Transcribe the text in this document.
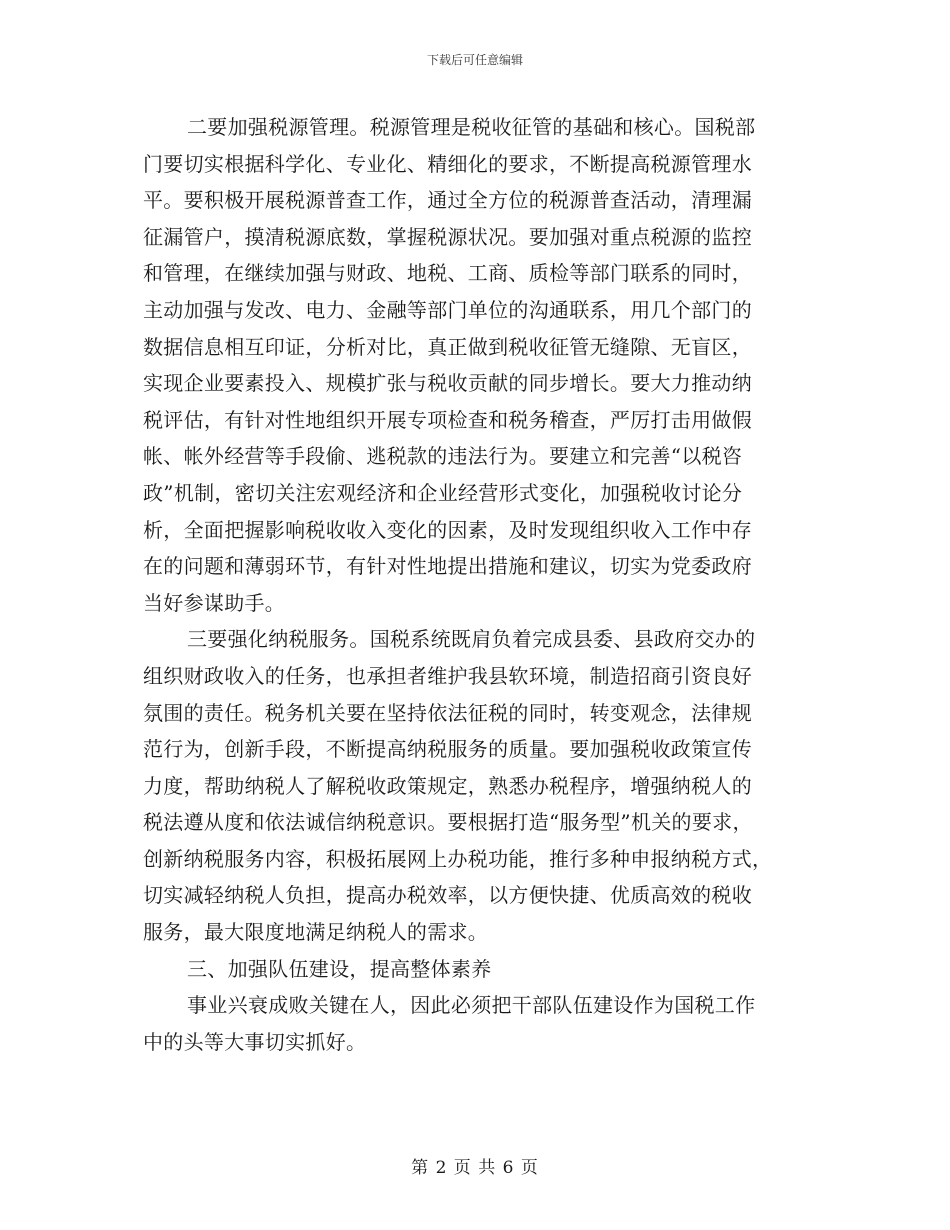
下载后可任意编辑

二要加强税源管理。税源管理是税收征管的基础和核心。国税部
门要切实根据科学化、专业化、精细化的要求，不断提高税源管理水
平。要积极开展税源普查工作，通过全方位的税源普查活动，清理漏
征漏管户，摸清税源底数，掌握税源状况。要加强对重点税源的监控
和管理，在继续加强与财政、地税、工商、质检等部门联系的同时，
主动加强与发改、电力、金融等部门单位的沟通联系，用几个部门的
数据信息相互印证，分析对比，真正做到税收征管无缝隙、无盲区，
实现企业要素投入、规模扩张与税收贡献的同步增长。要大力推动纳
税评估，有针对性地组织开展专项检查和税务稽查，严厉打击用做假
帐、帐外经营等手段偷、逃税款的违法行为。要建立和完善“以税咨
政”机制，密切关注宏观经济和企业经营形式变化，加强税收讨论分
析，全面把握影响税收收入变化的因素，及时发现组织收入工作中存
在的问题和薄弱环节，有针对性地提出措施和建议，切实为党委政府
当好参谋助手。

三要强化纳税服务。国税系统既肩负着完成县委、县政府交办的
组织财政收入的任务，也承担者维护我县软环境，制造招商引资良好
氛围的责任。税务机关要在坚持依法征税的同时，转变观念，法律规
范行为，创新手段，不断提高纳税服务的质量。要加强税收政策宣传
力度，帮助纳税人了解税收政策规定，熟悉办税程序，增强纳税人的
税法遵从度和依法诚信纳税意识。要根据打造“服务型”机关的要求，
创新纳税服务内容，积极拓展网上办税功能，推行多种申报纳税方式，
切实减轻纳税人负担，提高办税效率，以方便快捷、优质高效的税收
服务，最大限度地满足纳税人的需求。

三、加强队伍建设，提高整体素养

事业兴衰成败关键在人，因此必须把干部队伍建设作为国税工作
中的头等大事切实抓好。

第 2 页 共 6 页
